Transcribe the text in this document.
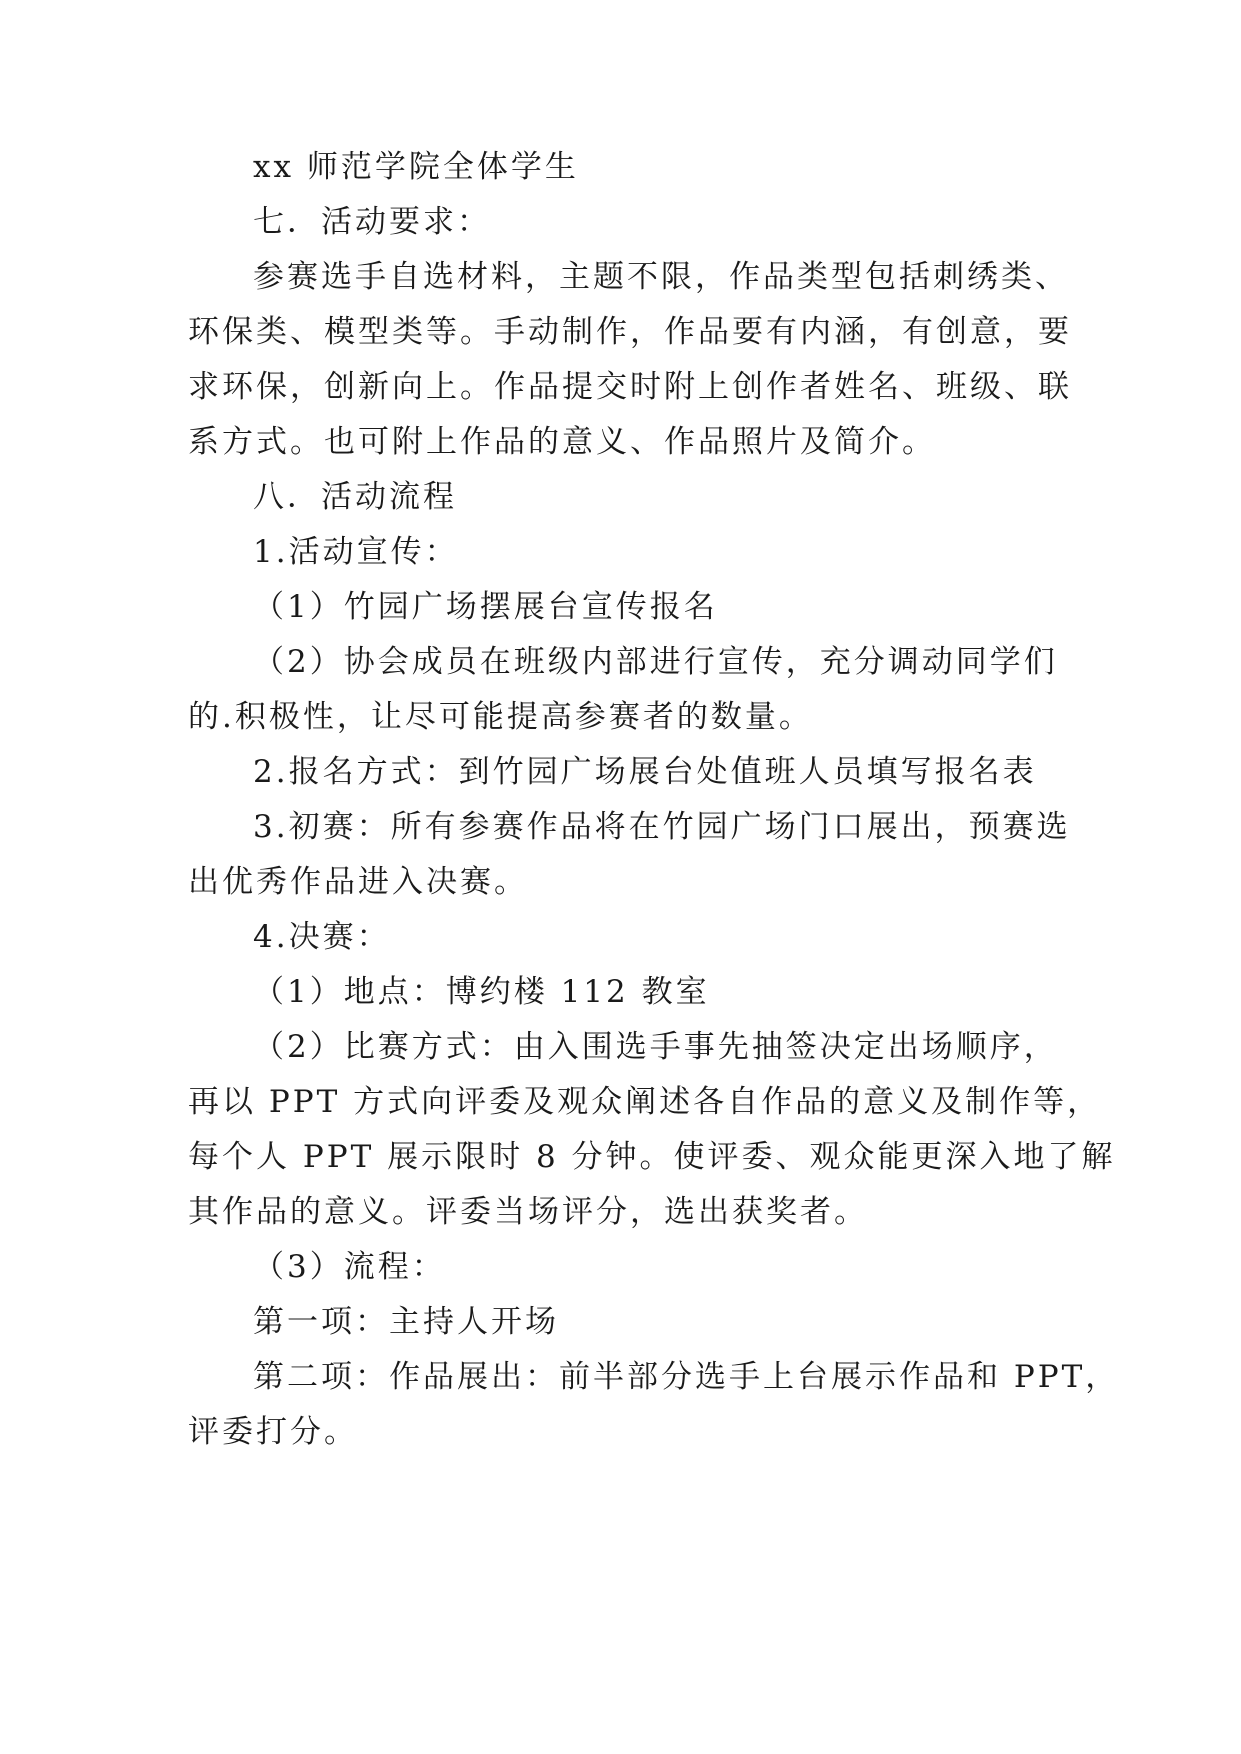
xx 师范学院全体学生
七．活动要求：
参赛选手自选材料，主题不限，作品类型包括刺绣类、
环保类、模型类等。手动制作，作品要有内涵，有创意，要
求环保，创新向上。作品提交时附上创作者姓名、班级、联
系方式。也可附上作品的意义、作品照片及简介。
八．活动流程
1.活动宣传：
（1）竹园广场摆展台宣传报名
（2）协会成员在班级内部进行宣传，充分调动同学们
的.积极性，让尽可能提高参赛者的数量。
2.报名方式：到竹园广场展台处值班人员填写报名表
3.初赛：所有参赛作品将在竹园广场门口展出，预赛选
出优秀作品进入决赛。
4.决赛：
（1）地点：博约楼 112 教室
（2）比赛方式：由入围选手事先抽签决定出场顺序，
再以 PPT 方式向评委及观众阐述各自作品的意义及制作等，
每个人 PPT 展示限时 8 分钟。使评委、观众能更深入地了解
其作品的意义。评委当场评分，选出获奖者。
（3）流程：
第一项：主持人开场
第二项：作品展出：前半部分选手上台展示作品和 PPT，
评委打分。
